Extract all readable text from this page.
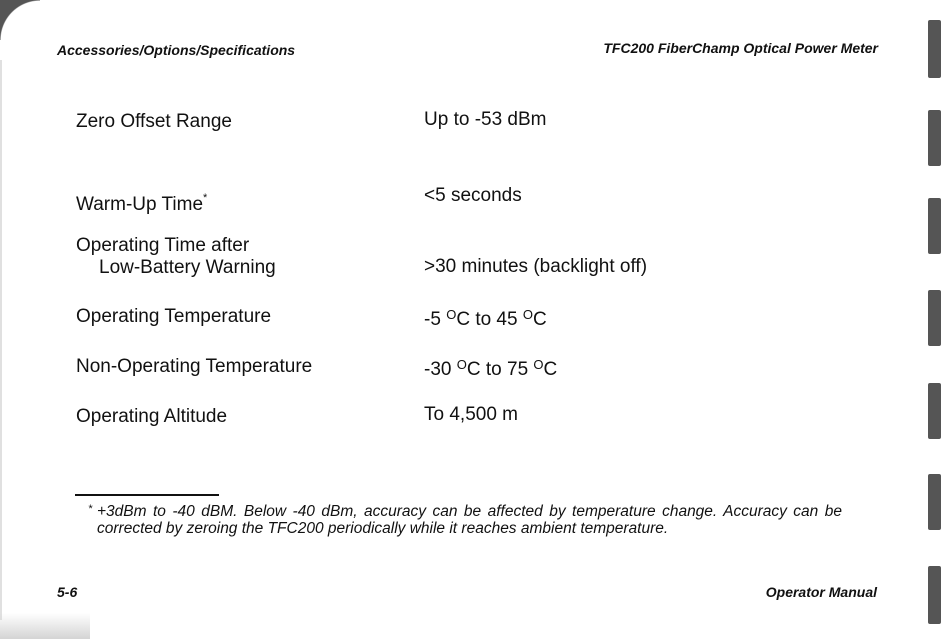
Accessories/Options/Specifications	TFC200 FiberChamp Optical Power Meter
Zero Offset Range	Up to -53 dBm
Warm-Up Time*	<5 seconds
Operating Time after
Low-Battery Warning	>30 minutes (backlight off)
Operating Temperature	-5 $^O$C to 45 $^O$C
Non-Operating Temperature	-30 $^O$C to 75 $^O$C
Operating Altitude	To 4,500 m
* +3dBm to -40 dBM. Below -40 dBm, accuracy can be affected by temperature change. Accuracy can be corrected by zeroing the TFC200 periodically while it reaches ambient temperature.
5-6	Operator Manual
